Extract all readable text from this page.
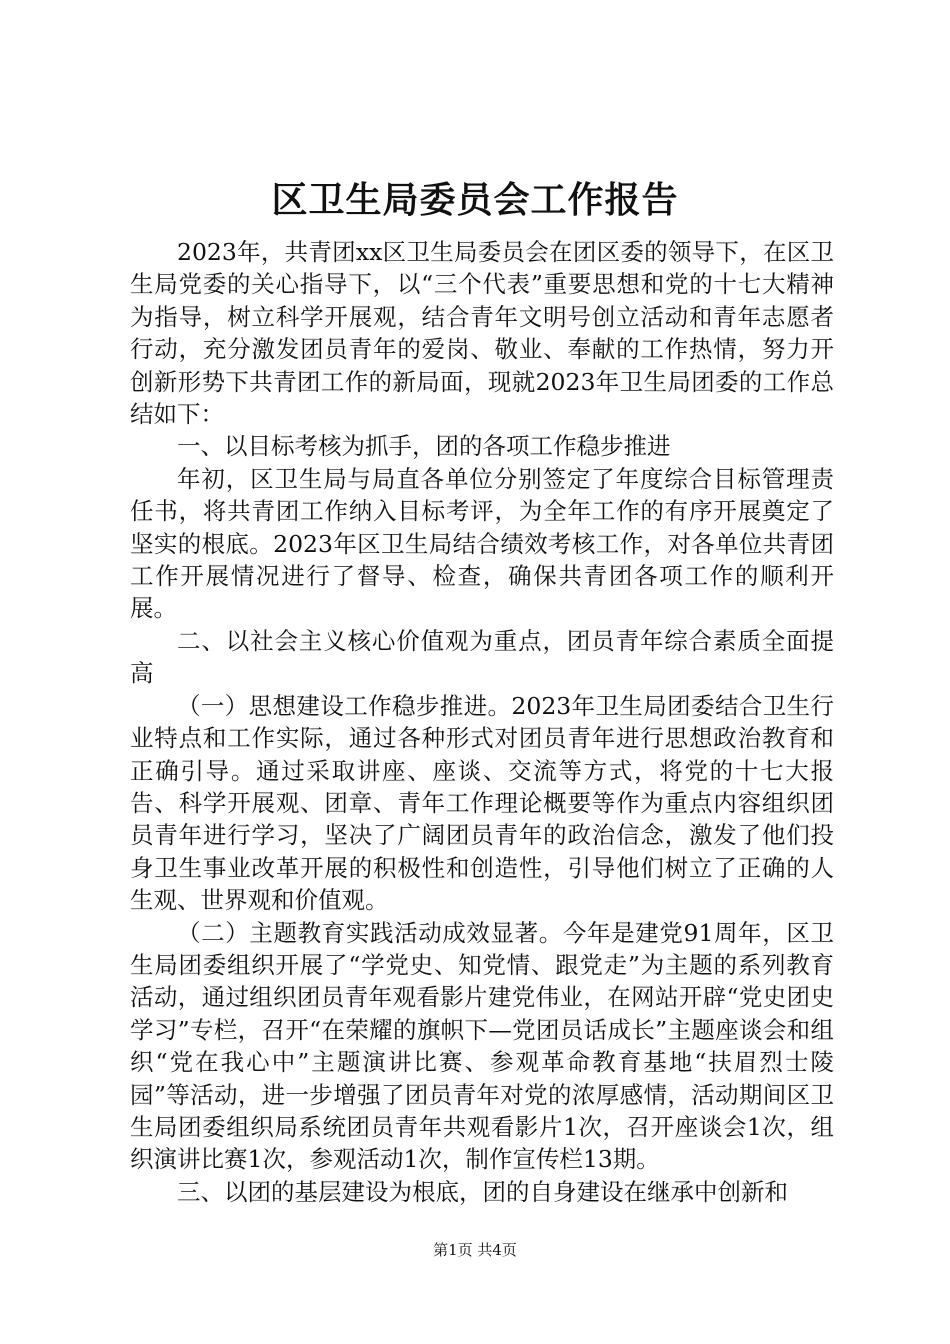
区卫生局委员会工作报告

2023年，共青团xx区卫生局委员会在团区委的领导下，在区卫生局党委的关心指导下，以“三个代表”重要思想和党的十七大精神为指导，树立科学开展观，结合青年文明号创立活动和青年志愿者行动，充分激发团员青年的爱岗、敬业、奉献的工作热情，努力开创新形势下共青团工作的新局面，现就2023年卫生局团委的工作总结如下：

一、以目标考核为抓手，团的各项工作稳步推进

年初，区卫生局与局直各单位分别签定了年度综合目标管理责任书，将共青团工作纳入目标考评，为全年工作的有序开展奠定了坚实的根底。2023年区卫生局结合绩效考核工作，对各单位共青团工作开展情况进行了督导、检查，确保共青团各项工作的顺利开展。

二、以社会主义核心价值观为重点，团员青年综合素质全面提高

（一）思想建设工作稳步推进。2023年卫生局团委结合卫生行业特点和工作实际，通过各种形式对团员青年进行思想政治教育和正确引导。通过采取讲座、座谈、交流等方式，将党的十七大报告、科学开展观、团章、青年工作理论概要等作为重点内容组织团员青年进行学习，坚决了广阔团员青年的政治信念，激发了他们投身卫生事业改革开展的积极性和创造性，引导他们树立了正确的人生观、世界观和价值观。

（二）主题教育实践活动成效显著。今年是建党91周年，区卫生局团委组织开展了“学党史、知党情、跟党走”为主题的系列教育活动，通过组织团员青年观看影片建党伟业，在网站开辟“党史团史学习”专栏，召开“在荣耀的旗帜下—党团员话成长”主题座谈会和组织“党在我心中”主题演讲比赛、参观革命教育基地“扶眉烈士陵园”等活动，进一步增强了团员青年对党的浓厚感情，活动期间区卫生局团委组织局系统团员青年共观看影片1次，召开座谈会1次，组织演讲比赛1次，参观活动1次，制作宣传栏13期。

三、以团的基层建设为根底，团的自身建设在继承中创新和

第1页 共4页
